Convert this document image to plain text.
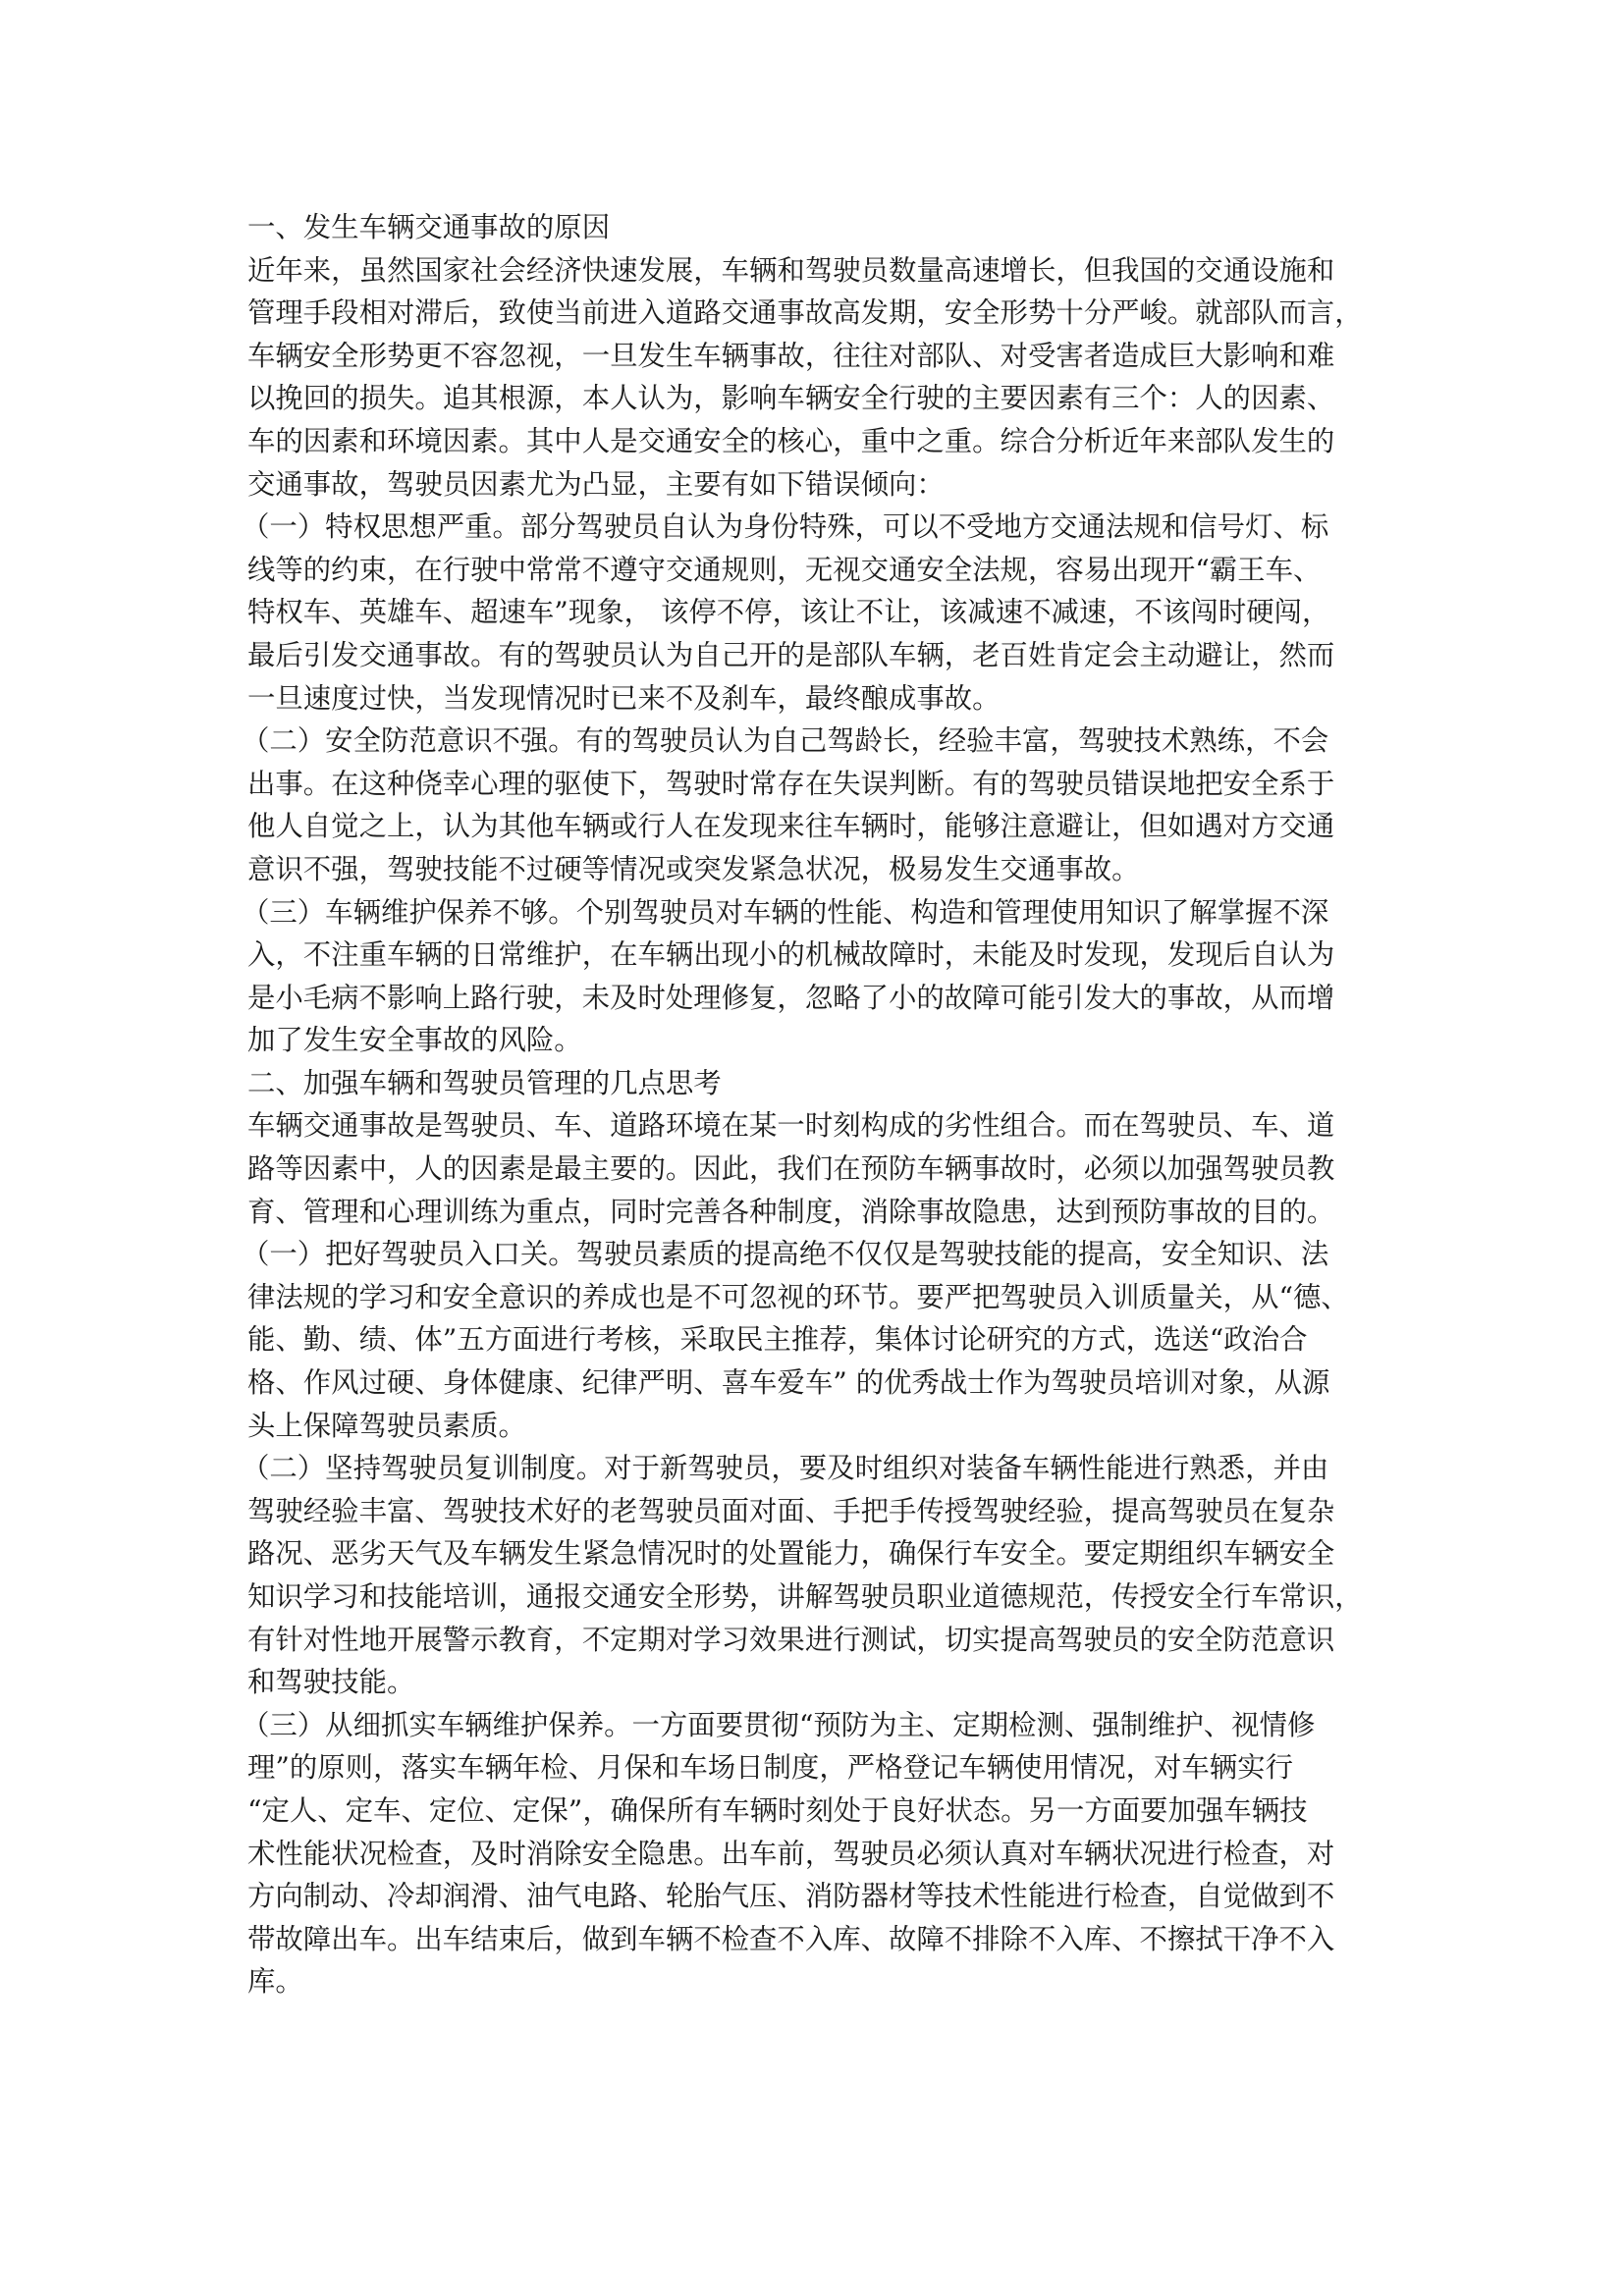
一、发生车辆交通事故的原因
近年来，虽然国家社会经济快速发展，车辆和驾驶员数量高速增长，但我国的交通设施和
管理手段相对滞后，致使当前进入道路交通事故高发期，安全形势十分严峻。就部队而言，
车辆安全形势更不容忽视，一旦发生车辆事故，往往对部队、对受害者造成巨大影响和难
以挽回的损失。追其根源，本人认为，影响车辆安全行驶的主要因素有三个：人的因素、
车的因素和环境因素。其中人是交通安全的核心，重中之重。综合分析近年来部队发生的
交通事故，驾驶员因素尤为凸显，主要有如下错误倾向：
（一）特权思想严重。部分驾驶员自认为身份特殊，可以不受地方交通法规和信号灯、标
线等的约束，在行驶中常常不遵守交通规则，无视交通安全法规，容易出现开“霸王车、
特权车、英雄车、超速车”现象， 该停不停，该让不让，该减速不减速，不该闯时硬闯，
最后引发交通事故。有的驾驶员认为自己开的是部队车辆，老百姓肯定会主动避让，然而
一旦速度过快，当发现情况时已来不及刹车，最终酿成事故。
（二）安全防范意识不强。有的驾驶员认为自己驾龄长，经验丰富，驾驶技术熟练，不会
出事。在这种侥幸心理的驱使下，驾驶时常存在失误判断。有的驾驶员错误地把安全系于
他人自觉之上，认为其他车辆或行人在发现来往车辆时，能够注意避让，但如遇对方交通
意识不强，驾驶技能不过硬等情况或突发紧急状况，极易发生交通事故。
（三）车辆维护保养不够。个别驾驶员对车辆的性能、构造和管理使用知识了解掌握不深
入，不注重车辆的日常维护，在车辆出现小的机械故障时，未能及时发现，发现后自认为
是小毛病不影响上路行驶，未及时处理修复，忽略了小的故障可能引发大的事故，从而增
加了发生安全事故的风险。
二、加强车辆和驾驶员管理的几点思考
车辆交通事故是驾驶员、车、道路环境在某一时刻构成的劣性组合。而在驾驶员、车、道
路等因素中，人的因素是最主要的。因此，我们在预防车辆事故时，必须以加强驾驶员教
育、管理和心理训练为重点，同时完善各种制度，消除事故隐患，达到预防事故的目的。
（一）把好驾驶员入口关。驾驶员素质的提高绝不仅仅是驾驶技能的提高，安全知识、法
律法规的学习和安全意识的养成也是不可忽视的环节。要严把驾驶员入训质量关，从“德、
能、勤、绩、体”五方面进行考核，采取民主推荐，集体讨论研究的方式，选送“政治合
格、作风过硬、身体健康、纪律严明、喜车爱车” 的优秀战士作为驾驶员培训对象，从源
头上保障驾驶员素质。
（二）坚持驾驶员复训制度。对于新驾驶员，要及时组织对装备车辆性能进行熟悉，并由
驾驶经验丰富、驾驶技术好的老驾驶员面对面、手把手传授驾驶经验，提高驾驶员在复杂
路况、恶劣天气及车辆发生紧急情况时的处置能力，确保行车安全。要定期组织车辆安全
知识学习和技能培训，通报交通安全形势，讲解驾驶员职业道德规范，传授安全行车常识，
有针对性地开展警示教育，不定期对学习效果进行测试，切实提高驾驶员的安全防范意识
和驾驶技能。
（三）从细抓实车辆维护保养。一方面要贯彻“预防为主、定期检测、强制维护、视情修
理”的原则，落实车辆年检、月保和车场日制度，严格登记车辆使用情况，对车辆实行
“定人、定车、定位、定保”，确保所有车辆时刻处于良好状态。另一方面要加强车辆技
术性能状况检查，及时消除安全隐患。出车前，驾驶员必须认真对车辆状况进行检查，对
方向制动、冷却润滑、油气电路、轮胎气压、消防器材等技术性能进行检查，自觉做到不
带故障出车。出车结束后，做到车辆不检查不入库、故障不排除不入库、不擦拭干净不入
库。
